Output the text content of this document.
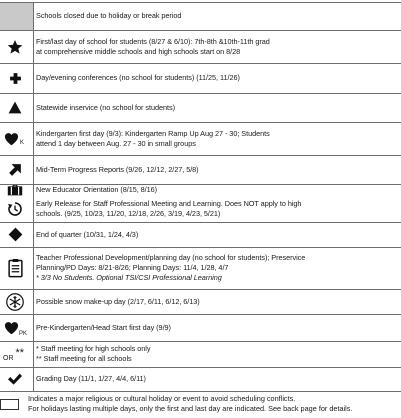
Schools closed due to holiday or break period
First/last day of school for students (8/27 & 6/10): 7th-8th &10th-11th grad
at comprehensive middle schools and high schools start on 8/28
Day/evening conferences (no school for students) (11/25, 11/26)
Statewide inservice (no school for students)
K
Kindergarten first day (9/3): Kindergarten Ramp Up Aug 27 - 30; Students
attend 1 day between Aug. 27 - 30 in small groups
Mid-Term Progress Reports (9/26, 12/12, 2/27, 5/8)
New Educator Orientation (8/15, 8/16)
Early Release for Staff Professional Meeting and Learning. Does NOT apply to high
schools. (9/25, 10/23, 11/20, 12/18, 2/26, 3/19, 4/23, 5/21)
End of quarter (10/31, 1/24, 4/3)
Teacher Professional Development/planning day (no school for students); Preservice
Planning/PD Days: 8/21-8/26; Planning Days: 11/4, 1/28, 4/7
* 3/3 No Students. Optional TSI/CSI Professional Learning
Possible snow make-up day (2/17, 6/11, 6/12, 6/13)
PK
Pre-Kindergarten/Head Start first day (9/9)
OR ** * Staff meeting for high schools only
** Staff meeting for all schools
Grading Day (11/1, 1/27, 4/4, 6/11)
Indicates a major religious or cultural holiday or event to avoid scheduling conflicts.
For holidays lasting multiple days, only the first and last day are indicated. See back page for details.
